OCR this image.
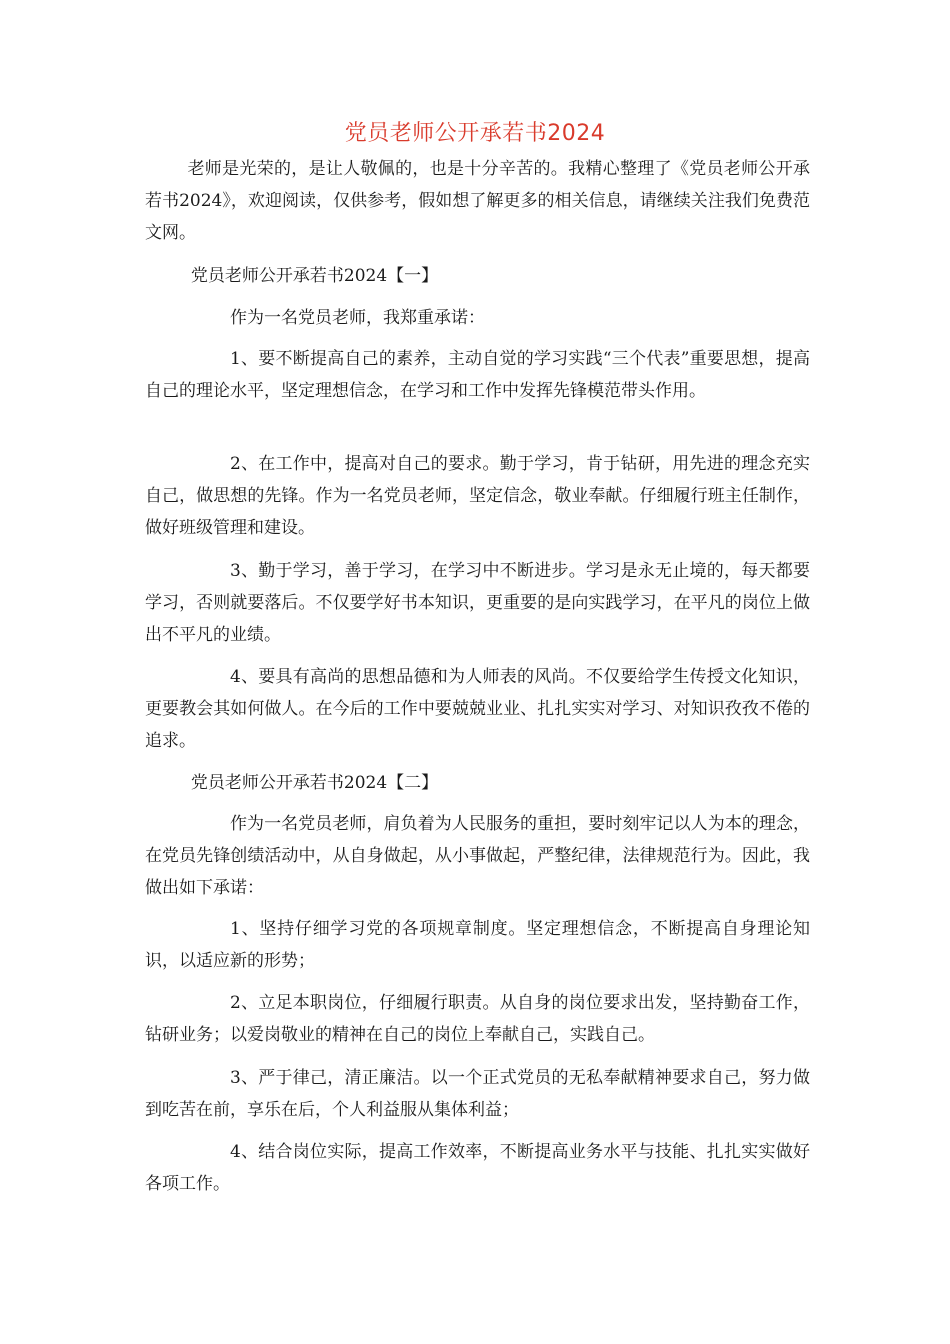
党员老师公开承若书2024
老师是光荣的，是让人敬佩的，也是十分辛苦的。我精心整理了《党员老师公开承若书2024》，欢迎阅读，仅供参考，假如想了解更多的相关信息，请继续关注我们免费范文网。
党员老师公开承若书2024【一】
作为一名党员老师，我郑重承诺：
1、要不断提高自己的素养，主动自觉的学习实践“三个代表”重要思想，提高自己的理论水平，坚定理想信念，在学习和工作中发挥先锋模范带头作用。
2、在工作中，提高对自己的要求。勤于学习，肯于钻研，用先进的理念充实自己，做思想的先锋。作为一名党员老师，坚定信念，敬业奉献。仔细履行班主任制作，做好班级管理和建设。
3、勤于学习，善于学习，在学习中不断进步。学习是永无止境的，每天都要学习，否则就要落后。不仅要学好书本知识，更重要的是向实践学习，在平凡的岗位上做出不平凡的业绩。
4、要具有高尚的思想品德和为人师表的风尚。不仅要给学生传授文化知识，更要教会其如何做人。在今后的工作中要兢兢业业、扎扎实实对学习、对知识孜孜不倦的追求。
党员老师公开承若书2024【二】
作为一名党员老师，肩负着为人民服务的重担，要时刻牢记以人为本的理念，在党员先锋创绩活动中，从自身做起，从小事做起，严整纪律，法律规范行为。因此，我做出如下承诺：
1、坚持仔细学习党的各项规章制度。坚定理想信念，不断提高自身理论知识，以适应新的形势；
2、立足本职岗位，仔细履行职责。从自身的岗位要求出发，坚持勤奋工作，钻研业务；以爱岗敬业的精神在自己的岗位上奉献自己，实践自己。
3、严于律己，清正廉洁。以一个正式党员的无私奉献精神要求自己，努力做到吃苦在前，享乐在后，个人利益服从集体利益；
4、结合岗位实际，提高工作效率，不断提高业务水平与技能、扎扎实实做好各项工作。
